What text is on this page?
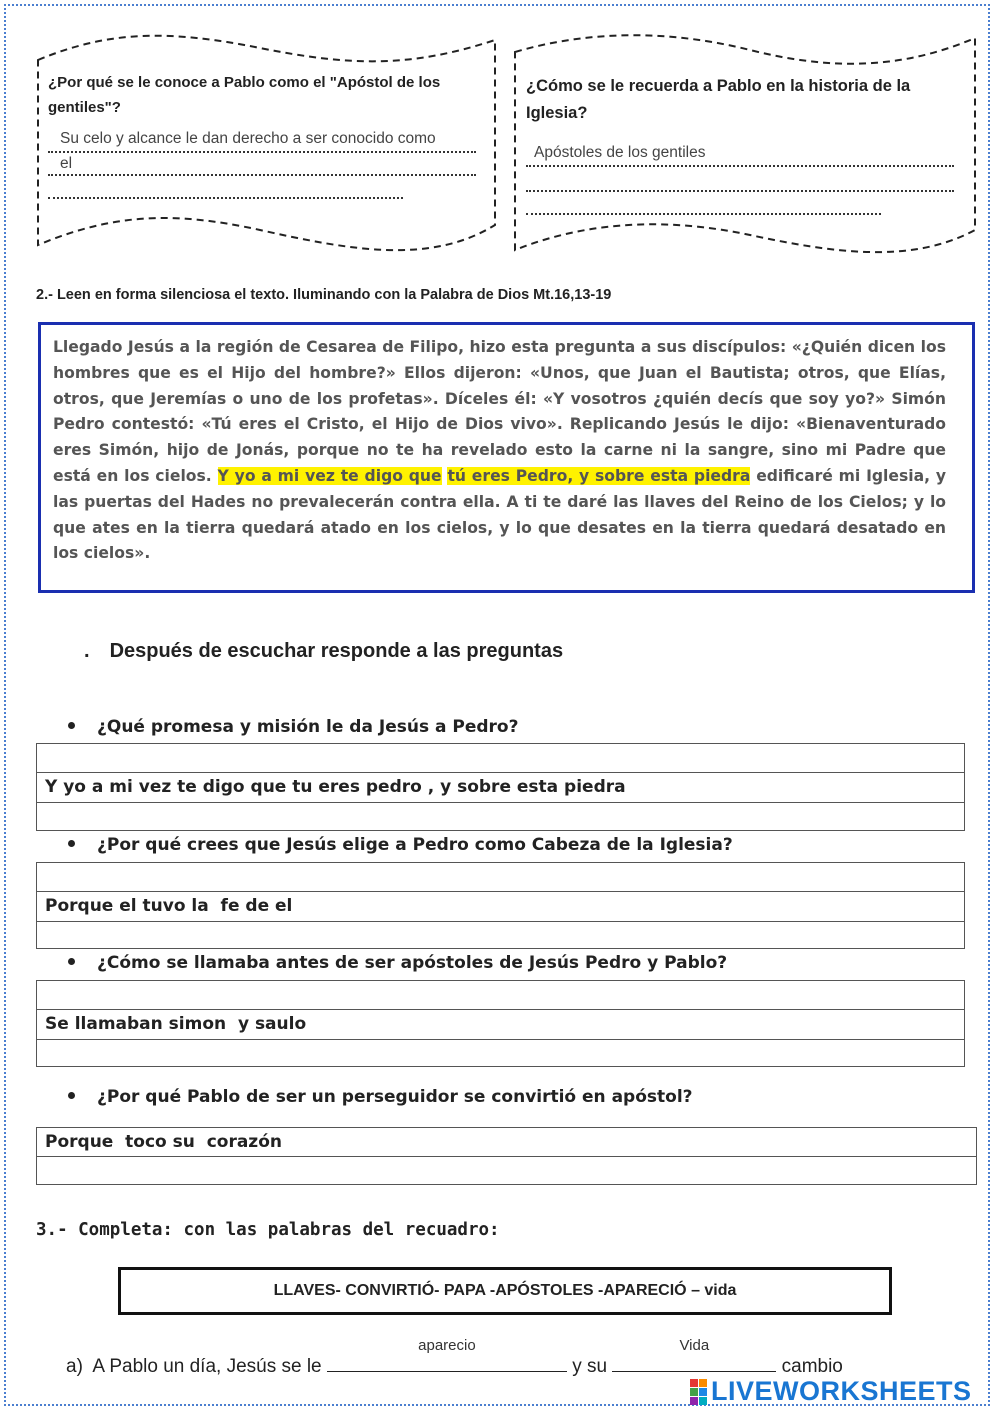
¿Por qué se le conoce a Pablo como el "Apóstol de los gentiles"?
Su celo y alcance le dan derecho a ser conocido como
el
¿Cómo se le recuerda a Pablo en la historia de la Iglesia?
Apóstoles de los gentiles
2.- Leen en forma silenciosa el texto. Iluminando con la Palabra de Dios Mt.16,13-19
Llegado Jesús a la región de Cesarea de Filipo, hizo esta pregunta a sus discípulos: «¿Quién dicen los hombres que es el Hijo del hombre?» Ellos dijeron: «Unos, que Juan el Bautista; otros, que Elías, otros, que Jeremías o uno de los profetas». Díceles él: «Y vosotros ¿quién decís que soy yo?» Simón Pedro contestó: «Tú eres el Cristo, el Hijo de Dios vivo». Replicando Jesús le dijo: «Bienaventurado eres Simón, hijo de Jonás, porque no te ha revelado esto la carne ni la sangre, sino mi Padre que está en los cielos. Y yo a mi vez te digo que tú eres Pedro, y sobre esta piedra edificaré mi Iglesia, y las puertas del Hades no prevalecerán contra ella. A ti te daré las llaves del Reino de los Cielos; y lo que ates en la tierra quedará atado en los cielos, y lo que desates en la tierra quedará desatado en los cielos».
. Después de escuchar responde a las preguntas
¿Qué promesa y misión le da Jesús a Pedro?
Y yo a mi vez te digo que tu eres pedro , y sobre esta piedra
¿Por qué crees que Jesús elige a Pedro como Cabeza de la Iglesia?
Porque el tuvo la  fe de el
¿Cómo se llamaba antes de ser apóstoles de Jesús Pedro y Pablo?
Se llamaban simon  y saulo
¿Por qué Pablo de ser un perseguidor se convirtió en apóstol?
Porque  toco su  corazón
3.- Completa: con las palabras del recuadro:
LLAVES- CONVIRTIÓ- PAPA -APÓSTOLES -APARECIÓ – vida
a) A Pablo un día, Jesús se le
aparecio
y su
Vida
cambio
LIVEWORKSHEETS
